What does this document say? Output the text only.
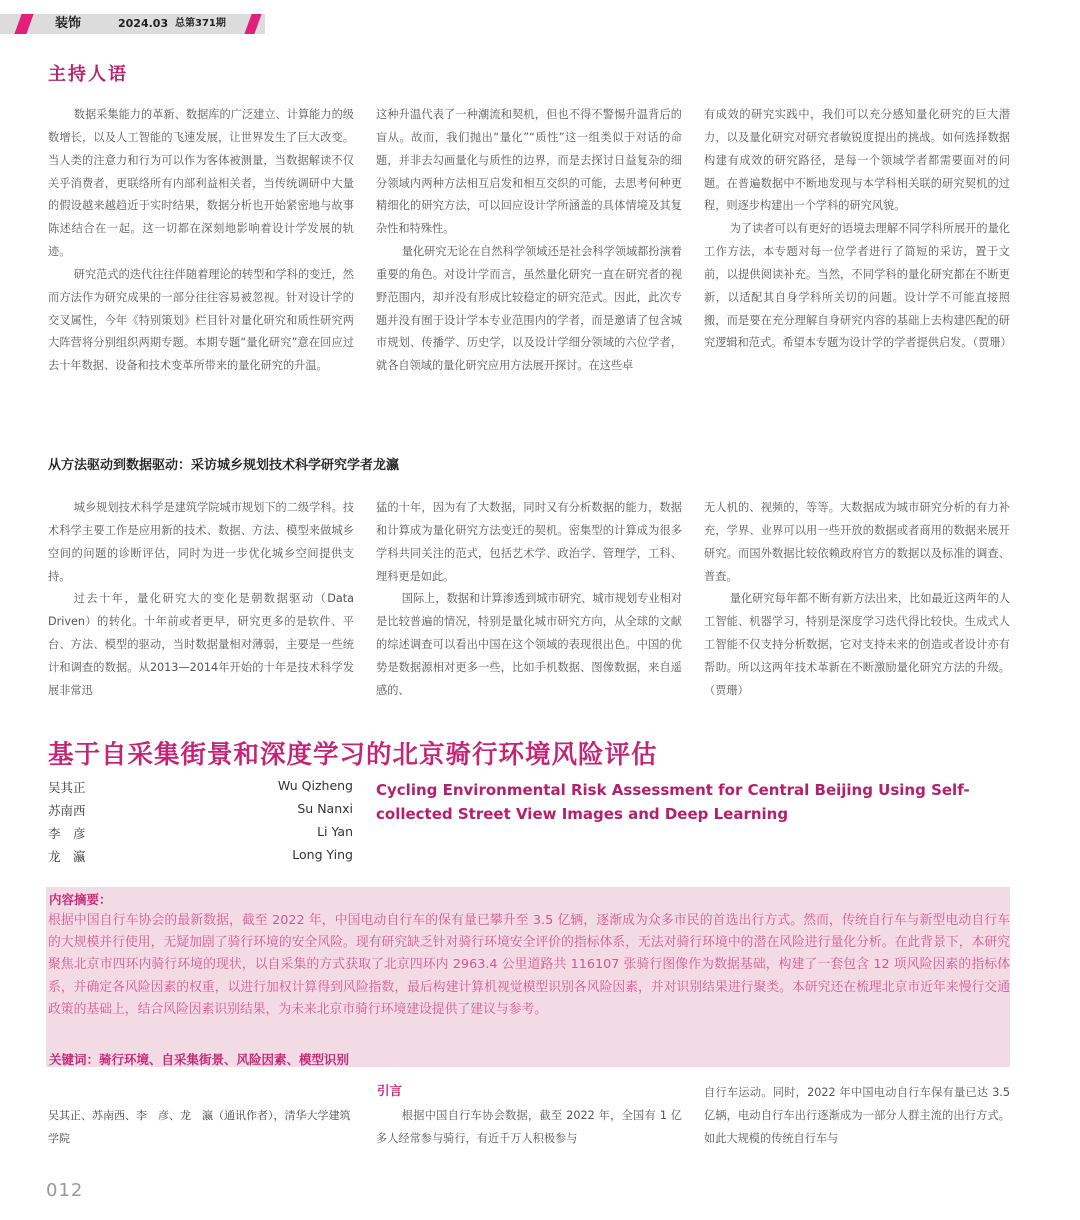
装饰	2024.03 总第371期
主持人语

数据采集能力的革新、数据库的广泛建立、计算能力的级数增长，以及人工智能的飞速发展，让世界发生了巨大改变。当人类的注意力和行为可以作为客体被测量，当数据解读不仅关乎消费者，更联络所有内部利益相关者，当传统调研中大量的假设越来越趋近于实时结果，数据分析也开始紧密地与故事陈述结合在一起。这一切都在深刻地影响着设计学发展的轨迹。

研究范式的迭代往往伴随着理论的转型和学科的变迁，然而方法作为研究成果的一部分往往容易被忽视。针对设计学的交叉属性，今年《特别策划》栏目针对量化研究和质性研究两大阵营将分别组织两期专题。本期专题“量化研究”意在回应过去十年数据、设备和技术变革所带来的量化研究的升温。

这种升温代表了一种潮流和契机，但也不得不警惕升温背后的盲从。故而，我们抛出“量化”“质性”这一组类似于对话的命题，并非去勾画量化与质性的边界，而是去探讨日益复杂的细分领域内两种方法相互启发和相互交织的可能，去思考何种更精细化的研究方法，可以回应设计学所涵盖的具体情境及其复杂性和特殊性。

量化研究无论在自然科学领域还是社会科学领域都扮演着重要的角色。对设计学而言，虽然量化研究一直在研究者的视野范围内，却并没有形成比较稳定的研究范式。因此，此次专题并没有囿于设计学本专业范围内的学者，而是邀请了包含城市规划、传播学、历史学，以及设计学细分领域的六位学者，就各自领域的量化研究应用方法展开探讨。在这些卓

有成效的研究实践中，我们可以充分感知量化研究的巨大潜力，以及量化研究对研究者敏锐度提出的挑战。如何选择数据构建有成效的研究路径，是每一个领域学者都需要面对的问题。在普遍数据中不断地发现与本学科相关联的研究契机的过程，则逐步构建出一个学科的研究风貌。

为了读者可以有更好的语境去理解不同学科所展开的量化工作方法，本专题对每一位学者进行了简短的采访，置于文前，以提供阅读补充。当然，不同学科的量化研究都在不断更新，以适配其自身学科所关切的问题。设计学不可能直接照搬，而是要在充分理解自身研究内容的基础上去构建匹配的研究逻辑和范式。希望本专题为设计学的学者提供启发。（贾珊）

从方法驱动到数据驱动：采访城乡规划技术科学研究学者龙瀛

城乡规划技术科学是建筑学院城市规划下的二级学科。技术科学主要工作是应用新的技术、数据、方法、模型来做城乡空间的问题的诊断评估，同时为进一步优化城乡空间提供支持。

过去十年，量化研究大的变化是朝数据驱动（Data Driven）的转化。十年前或者更早，研究更多的是软件、平台、方法、模型的驱动，当时数据量相对薄弱，主要是一些统计和调查的数据。从2013—2014年开始的十年是技术科学发展非常迅

猛的十年，因为有了大数据，同时又有分析数据的能力，数据和计算成为量化研究方法变迁的契机。密集型的计算成为很多学科共同关注的范式，包括艺术学、政治学、管理学，工科、理科更是如此。

国际上，数据和计算渗透到城市研究、城市规划专业相对是比较普遍的情况，特别是量化城市研究方向，从全球的文献的综述调查可以看出中国在这个领域的表现很出色。中国的优势是数据源相对更多一些，比如手机数据、图像数据，来自遥感的、

无人机的、视频的，等等。大数据成为城市研究分析的有力补充，学界、业界可以用一些开放的数据或者商用的数据来展开研究。而国外数据比较依赖政府官方的数据以及标准的调查、普查。

量化研究每年都不断有新方法出来，比如最近这两年的人工智能、机器学习，特别是深度学习迭代得比较快。生成式人工智能不仅支持分析数据，它对支持未来的创造或者设计亦有帮助。所以这两年技术革新在不断激励量化研究方法的升级。（贾珊）

基于自采集街景和深度学习的北京骑行环境风险评估
吴其正	Wu Qizheng
苏南西	Su Nanxi
李　彦	Li Yan
龙　瀛	Long Ying
Cycling Environmental Risk Assessment for Central Beijing Using Self-collected Street View Images and Deep Learning
内容摘要：
根据中国自行车协会的最新数据，截至 2022 年，中国电动自行车的保有量已攀升至 3.5 亿辆，逐渐成为众多市民的首选出行方式。然而，传统自行车与新型电动自行车的大规模并行使用，无疑加剧了骑行环境的安全风险。现有研究缺乏针对骑行环境安全评价的指标体系，无法对骑行环境中的潜在风险进行量化分析。在此背景下，本研究聚焦北京市四环内骑行环境的现状，以自采集的方式获取了北京四环内 2963.4 公里道路共 116107 张骑行图像作为数据基础，构建了一套包含 12 项风险因素的指标体系，并确定各风险因素的权重，以进行加权计算得到风险指数，最后构建计算机视觉模型识别各风险因素，并对识别结果进行聚类。本研究还在梳理北京市近年来慢行交通政策的基础上，结合风险因素识别结果，为未来北京市骑行环境建设提供了建议与参考。
关键词：骑行环境、自采集街景、风险因素、模型识别
引言
吴其正、苏南西、李　彦、龙　瀛（通讯作者），清华大学建筑学院

根据中国自行车协会数据，截至 2022 年，全国有 1 亿多人经常参与骑行，有近千万人积极参与

自行车运动。同时，2022 年中国电动自行车保有量已达 3.5 亿辆，电动自行车出行逐渐成为一部分人群主流的出行方式。如此大规模的传统自行车与

012
